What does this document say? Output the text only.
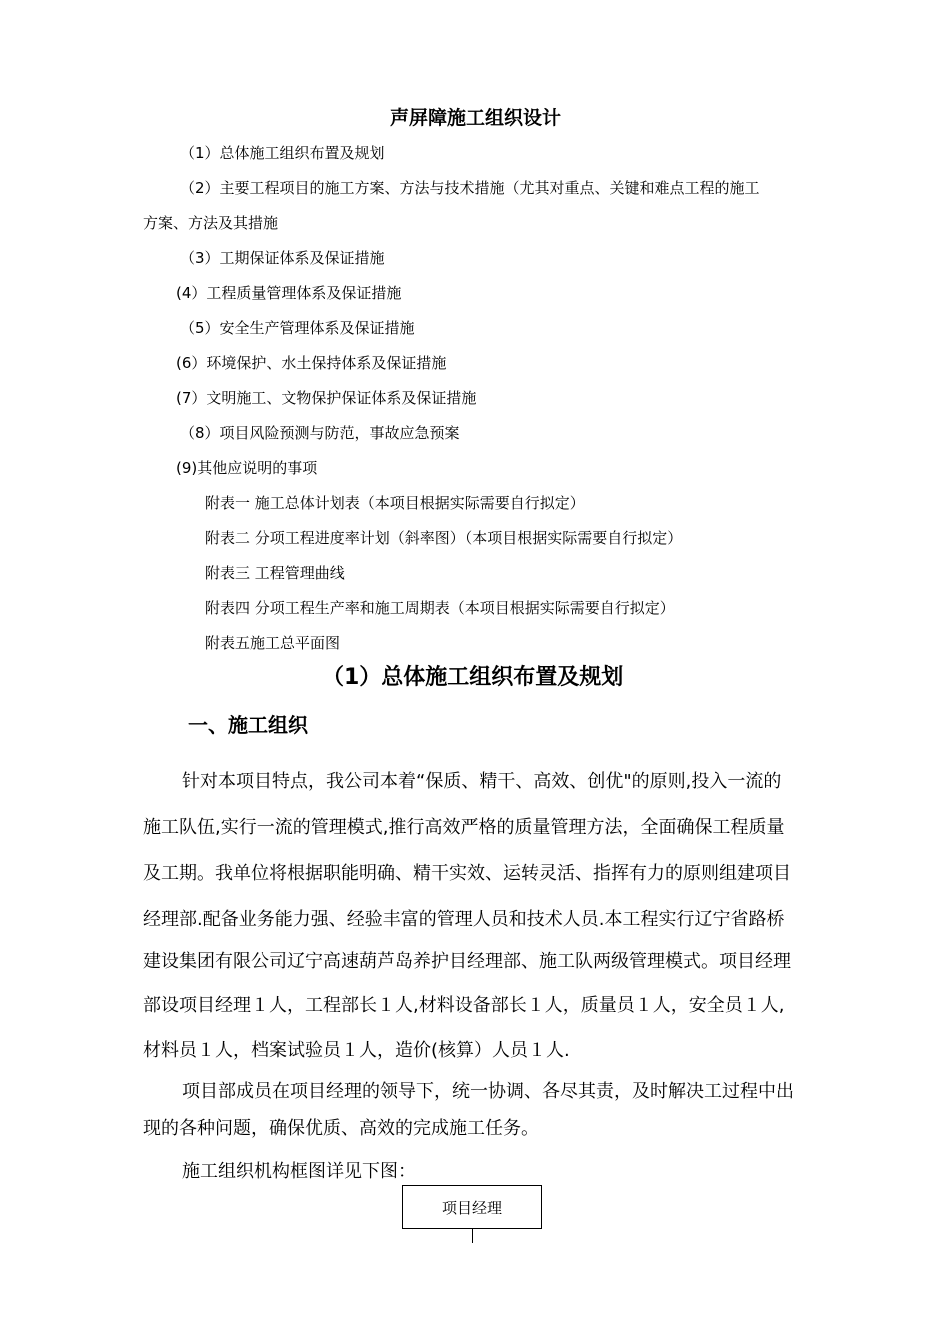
声屏障施工组织设计
（1）总体施工组织布置及规划
（2）主要工程项目的施工方案、方法与技术措施（尤其对重点、关键和难点工程的施工
方案、方法及其措施
（3）工期保证体系及保证措施
(4）工程质量管理体系及保证措施
（5）安全生产管理体系及保证措施
(6）环境保护、水土保持体系及保证措施
(7）文明施工、文物保护保证体系及保证措施
（8）项目风险预测与防范，事故应急预案
(9)其他应说明的事项
附表一 施工总体计划表（本项目根据实际需要自行拟定）
附表二 分项工程进度率计划（斜率图）（本项目根据实际需要自行拟定）
附表三 工程管理曲线
附表四 分项工程生产率和施工周期表（本项目根据实际需要自行拟定）
附表五施工总平面图
（1）总体施工组织布置及规划
一、施工组织
针对本项目特点，我公司本着“保质、精干、高效、创优"的原则,投入一流的
施工队伍,实行一流的管理模式,推行高效严格的质量管理方法，全面确保工程质量
及工期。我单位将根据职能明确、精干实效、运转灵活、指挥有力的原则组建项目
经理部.配备业务能力强、经验丰富的管理人员和技术人员.本工程实行辽宁省路桥
建设集团有限公司辽宁高速葫芦岛养护目经理部、施工队两级管理模式。项目经理
部设项目经理１人，工程部长１人,材料设备部长１人，质量员１人，安全员１人,
材料员１人，档案试验员１人，造价(核算）人员１人.
项目部成员在项目经理的领导下，统一协调、各尽其责，及时解决工过程中出
现的各种问题，确保优质、高效的完成施工任务。
施工组织机构框图详见下图：
项目经理
